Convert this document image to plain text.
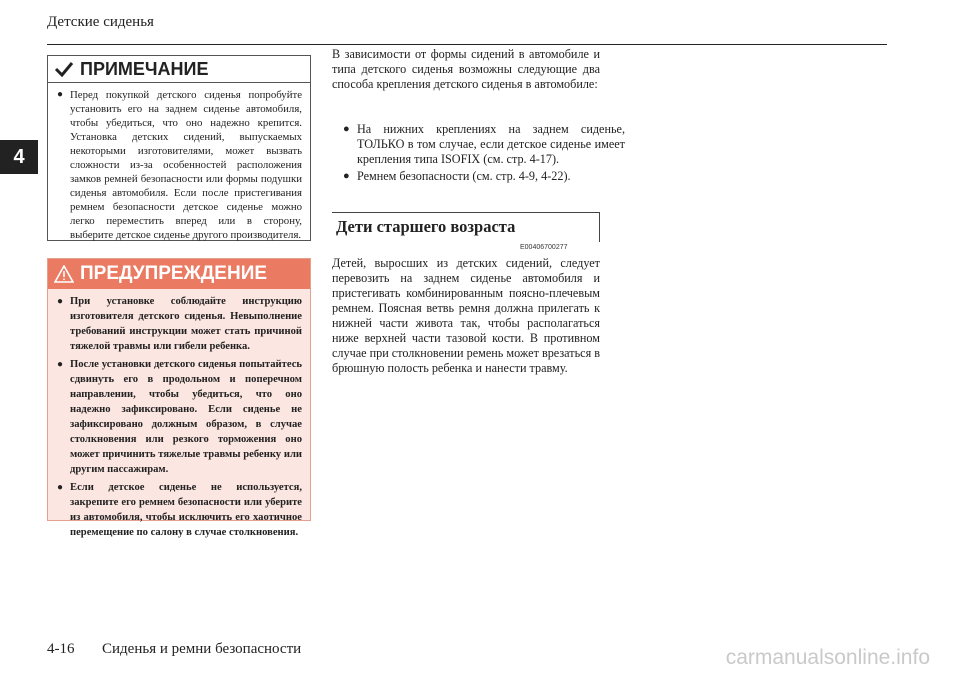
Детские сиденья
4
ПРИМЕЧАНИЕ
● Перед покупкой детского сиденья попробуйте установить его на заднем сиденье автомобиля, чтобы убедиться, что оно надежно крепится. Установка детских сидений, выпускаемых некоторыми изготовителями, может вызвать сложности из-за особенностей расположения замков ремней безопасности или формы подушки сиденья автомобиля. Если после пристегивания ремнем безопасности детское сиденье можно легко переместить вперед или в сторону, выберите детское сиденье другого производителя.
ПРЕДУПРЕЖДЕНИЕ
● При установке соблюдайте инструкцию изготовителя детского сиденья. Невыполнение требований инструкции может стать причиной тяжелой травмы или гибели ребенка.
● После установки детского сиденья попытайтесь сдвинуть его в продольном и поперечном направлении, чтобы убедиться, что оно надежно зафиксировано. Если сиденье не зафиксировано должным образом, в случае столкновения или резкого торможения оно может причинить тяжелые травмы ребенку или другим пассажирам.
● Если детское сиденье не используется, закрепите его ремнем безопасности или уберите из автомобиля, чтобы исключить его хаотичное перемещение по салону в случае столкновения.

В зависимости от формы сидений в автомобиле и типа детского сиденья возможны следующие два способа крепления детского сиденья в автомобиле:

● На нижних креплениях на заднем сиденье, ТОЛЬКО в том случае, если детское сиденье имеет крепления типа ISOFIX (см. стр. 4-17).
● Ремнем безопасности (см. стр. 4-9, 4-22).
Дети старшего возраста
E00406700277

Детей, выросших из детских сидений, следует перевозить на заднем сиденье автомобиля и пристегивать комбинированным поясно-плечевым ремнем. Поясная ветвь ремня должна прилегать к нижней части живота так, чтобы располагаться ниже верхней части тазовой кости. В противном случае при столкновении ремень может врезаться в брюшную полость ребенка и нанести травму.

4-16 Сиденья и ремни безопасности	carmanualsonline.info
